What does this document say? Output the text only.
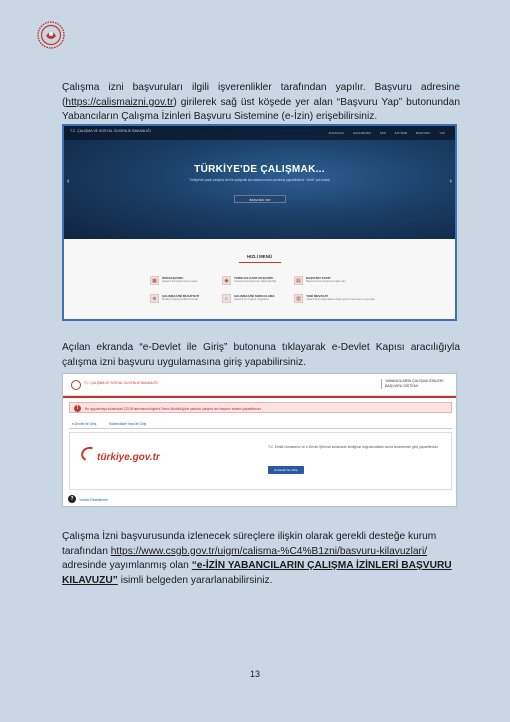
Çalışma izni başvuruları ilgili işverenlikler tarafından yapılır. Başvuru adresine (https://calismaizni.gov.tr) girilerek sağ üst köşede yer alan “Başvuru Yap” butonundan Yabancıların Çalışma İzinleri Başvuru Sistemine (e-İzin) erişebilirsiniz.
T.C. ÇALIŞMA VE SOSYAL GÜVENLİK BAKANLIĞI	ANASAYFA HAKKIMIZDA SSS İLETİŞİM BAŞVURU YAP
TÜRKİYE'DE ÇALIŞMAK...
Türkiye'de yasal çalışma izni ile çalışmak için başvurunuzu çevrimiçi yapabilirsiniz. "Artık" çok kolay!
BAŞVURU YAP
‹	›
HIZLI MENÜ
▦	İZNİ BAŞVURU
Çalışma izni başvurunuzu yapın	◉	TURKUAZ KART BAŞVURU
Turkuaz kart başvurusu hakkında bilgi	▤	BAŞVURU TAKİP
Başvurunuzun durumunu takip edin
⊕	ÇALIŞMA İZNİ MUAFİYETİ
Muafiyet kapsamındaki durumlar	⌕	ÇALIŞMA İZNİ SORGULAMA
Çalışma izni belgesi sorgulama	▥	YENİ MEVZUAT
Yabancıların çalışmalarına ilişkin güncel mevzuat ve duyurular
Açılan ekranda “e-Devlet ile Giriş” butonuna tıklayarak e-Devlet Kapısı aracılığıyla çalışma izni başvuru uygulamasına giriş yapabilirsiniz.
T.C. ÇALIŞMA VE SOSYAL GÜVENLİK BAKANLIĞI	YABANCILARIN ÇALIŞMA İZİNLERİ BAŞVURU SİSTEMİ
!	Bu uygulamaya kullanacak ÇSGB tanımlama bilgileri/ Genel Müdürlüğüne yabancı çalışma izni başvuru sistemi yapabilirsiniz.
e-Devlet İle Giriş	Mühendisler İnna ile Giriş
türkiye.gov.tr
T.C. Kimlik Numaranız ve e-Devlet Şifrenizi kullanarak kimliğiniz doğrulandıktan sonra sistemimize giriş yapabilirsiniz.
E-Devlet İle Giriş
?	Yardım Destekleme
Çalışma İzni başvurusunda izlenecek süreçlere ilişkin olarak gerekli desteğe kurum tarafından https://www.csgb.gov.tr/uigm/calisma-%C4%B1zni/basvuru-kilavuzlari/ adresinde yayımlanmış olan “e-İZİN YABANCILARIN ÇALIŞMA İZİNLERİ BAŞVURU KILAVUZU” isimli belgeden yararlanabilirsiniz.
13
